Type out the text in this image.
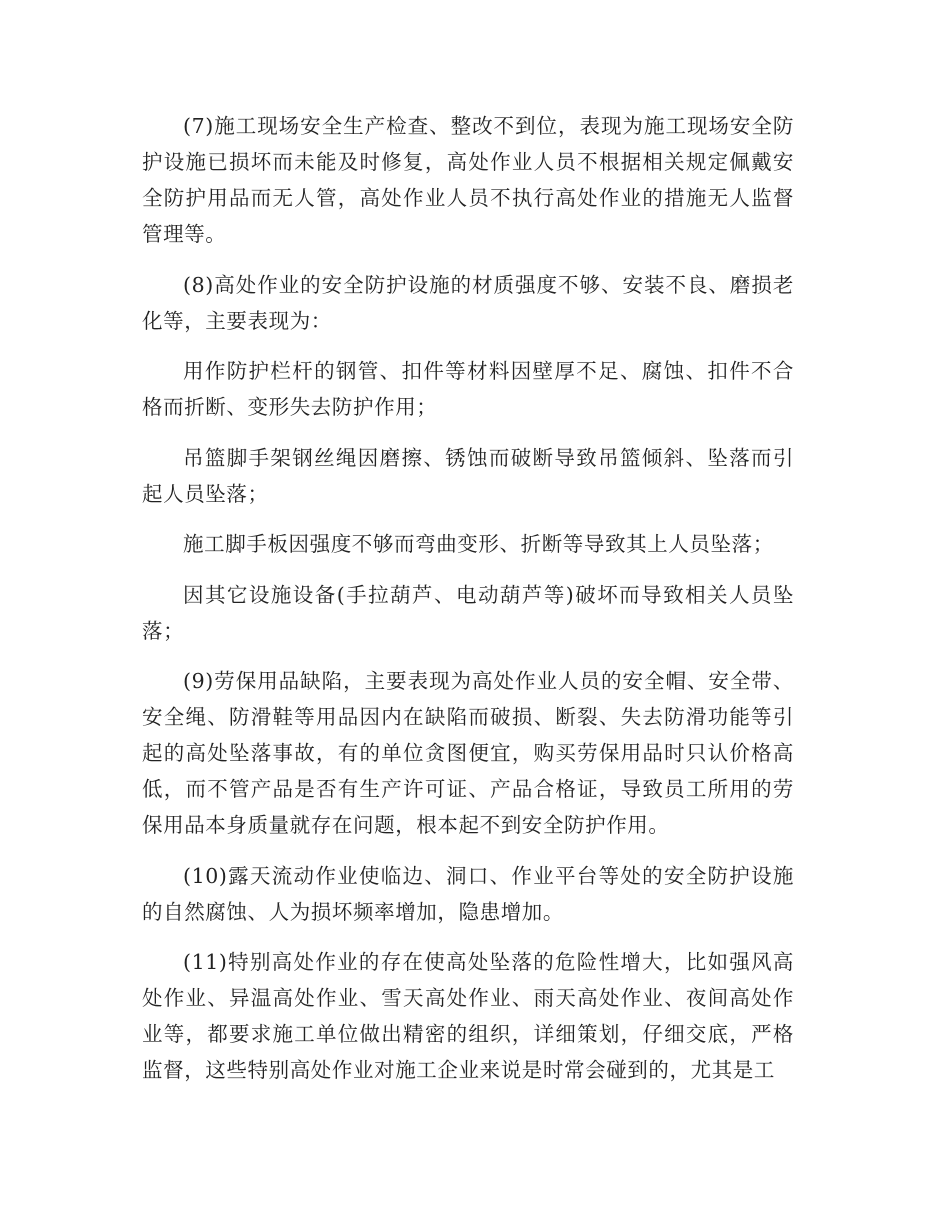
(7)施工现场安全生产检查、整改不到位，表现为施工现场安全防护设施已损坏而未能及时修复，高处作业人员不根据相关规定佩戴安全防护用品而无人管，高处作业人员不执行高处作业的措施无人监督管理等。

(8)高处作业的安全防护设施的材质强度不够、安装不良、磨损老化等，主要表现为：

用作防护栏杆的钢管、扣件等材料因壁厚不足、腐蚀、扣件不合格而折断、变形失去防护作用；

吊篮脚手架钢丝绳因磨擦、锈蚀而破断导致吊篮倾斜、坠落而引起人员坠落；

施工脚手板因强度不够而弯曲变形、折断等导致其上人员坠落；

因其它设施设备(手拉葫芦、电动葫芦等)破坏而导致相关人员坠落；

(9)劳保用品缺陷，主要表现为高处作业人员的安全帽、安全带、安全绳、防滑鞋等用品因内在缺陷而破损、断裂、失去防滑功能等引起的高处坠落事故，有的单位贪图便宜，购买劳保用品时只认价格高低，而不管产品是否有生产许可证、产品合格证，导致员工所用的劳保用品本身质量就存在问题，根本起不到安全防护作用。

(10)露天流动作业使临边、洞口、作业平台等处的安全防护设施的自然腐蚀、人为损坏频率增加，隐患增加。

(11)特别高处作业的存在使高处坠落的危险性增大，比如强风高处作业、异温高处作业、雪天高处作业、雨天高处作业、夜间高处作业等，都要求施工单位做出精密的组织，详细策划，仔细交底，严格监督，这些特别高处作业对施工企业来说是时常会碰到的，尤其是工
